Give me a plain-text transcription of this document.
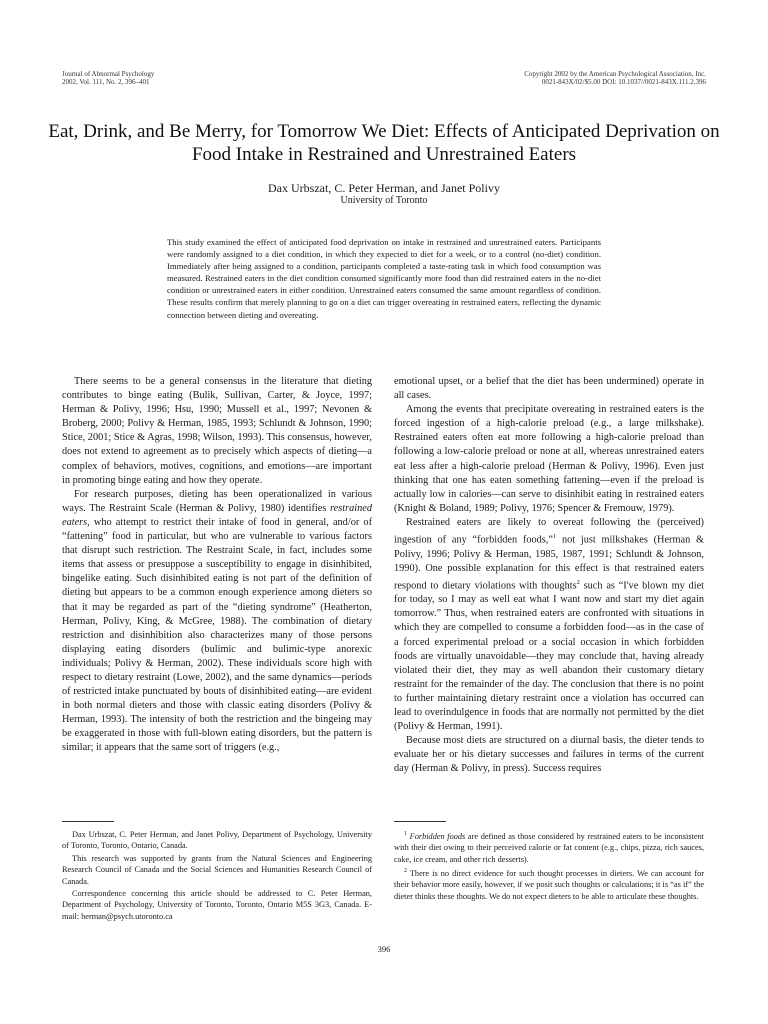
Journal of Abnormal Psychology
2002, Vol. 111, No. 2, 396–401
Copyright 2002 by the American Psychological Association, Inc.
0021-843X/02/$5.00 DOI: 10.1037//0021-843X.111.2.396
Eat, Drink, and Be Merry, for Tomorrow We Diet: Effects of Anticipated Deprivation on Food Intake in Restrained and Unrestrained Eaters
Dax Urbszat, C. Peter Herman, and Janet Polivy
University of Toronto
This study examined the effect of anticipated food deprivation on intake in restrained and unrestrained eaters. Participants were randomly assigned to a diet condition, in which they expected to diet for a week, or to a control (no-diet) condition. Immediately after being assigned to a condition, participants completed a taste-rating task in which food consumption was measured. Restrained eaters in the diet condition consumed significantly more food than did restrained eaters in the no-diet condition or unrestrained eaters in either condition. Unrestrained eaters consumed the same amount regardless of condition. These results confirm that merely planning to go on a diet can trigger overeating in restrained eaters, reflecting the dynamic connection between dieting and overeating.

There seems to be a general consensus in the literature that dieting contributes to binge eating (Bulik, Sullivan, Carter, & Joyce, 1997; Herman & Polivy, 1996; Hsu, 1990; Mussell et al., 1997; Nevonen & Broberg, 2000; Polivy & Herman, 1985, 1993; Schlundt & Johnson, 1990; Stice, 2001; Stice & Agras, 1998; Wilson, 1993). This consensus, however, does not extend to agreement as to precisely which aspects of dieting—a complex of behaviors, motives, cognitions, and emotions—are important in promoting binge eating and how they operate.

For research purposes, dieting has been operationalized in various ways. The Restraint Scale (Herman & Polivy, 1980) identifies restrained eaters, who attempt to restrict their intake of food in general, and/or of “fattening” food in particular, but who are vulnerable to various factors that disrupt such restriction. The Restraint Scale, in fact, includes some items that assess or presuppose a susceptibility to engage in disinhibited, bingelike eating. Such disinhibited eating is not part of the definition of dieting but appears to be a common enough experience among dieters so that it may be regarded as part of the “dieting syndrome” (Heatherton, Herman, Polivy, King, & McGree, 1988). The combination of dietary restriction and disinhibition also characterizes many of those persons displaying eating disorders (bulimic and bulimic-type anorexic individuals; Polivy & Herman, 2002). These individuals score high with respect to dietary restraint (Lowe, 2002), and the same dynamics—periods of restricted intake punctuated by bouts of disinhibited eating—are evident in both normal dieters and those with classic eating disorders (Polivy & Herman, 1993). The intensity of both the restriction and the bingeing may be exaggerated in those with full-blown eating disorders, but the pattern is similar; it appears that the same sort of triggers (e.g.,

emotional upset, or a belief that the diet has been undermined) operate in all cases.

Among the events that precipitate overeating in restrained eaters is the forced ingestion of a high-calorie preload (e.g., a large milkshake). Restrained eaters often eat more following a high-calorie preload than following a low-calorie preload or none at all, whereas unrestrained eaters eat less after a high-calorie preload (Herman & Polivy, 1996). Even just thinking that one has eaten something fattening—even if the preload is actually low in calories—can serve to disinhibit eating in restrained eaters (Knight & Boland, 1989; Polivy, 1976; Spencer & Fremouw, 1979).

Restrained eaters are likely to overeat following the (perceived) ingestion of any “forbidden foods,”$^1$ not just milkshakes (Herman & Polivy, 1996; Polivy & Herman, 1985, 1987, 1991; Schlundt & Johnson, 1990). One possible explanation for this effect is that restrained eaters respond to dietary violations with thoughts$^2$ such as “I've blown my diet for today, so I may as well eat what I want now and start my diet again tomorrow.” Thus, when restrained eaters are confronted with situations in which they are compelled to consume a forbidden food—as in the case of a forced experimental preload or a social occasion in which forbidden foods are virtually unavoidable—they may conclude that, having already violated their diet, they may as well abandon their customary dietary restraint for the remainder of the day. The conclusion that there is no point to further maintaining dietary restraint once a violation has occurred can lead to overindulgence in foods that are normally not permitted by the diet (Polivy & Herman, 1991).

Because most diets are structured on a diurnal basis, the dieter tends to evaluate her or his dietary successes and failures in terms of the current day (Herman & Polivy, in press). Success requires

Dax Urbszat, C. Peter Herman, and Janet Polivy, Department of Psychology, University of Toronto, Toronto, Ontario, Canada.

This research was supported by grants from the Natural Sciences and Engineering Research Council of Canada and the Social Sciences and Humanities Research Council of Canada.

Correspondence concerning this article should be addressed to C. Peter Herman, Department of Psychology, University of Toronto, Toronto, Ontario M5S 3G3, Canada. E-mail: herman@psych.utoronto.ca

$^1$ Forbidden foods are defined as those considered by restrained eaters to be inconsistent with their diet owing to their perceived calorie or fat content (e.g., chips, pizza, rich sauces, cake, ice cream, and other rich desserts).

$^2$ There is no direct evidence for such thought processes in dieters. We can account for their behavior more easily, however, if we posit such thoughts or calculations; it is “as if” the dieter thinks these thoughts. We do not expect dieters to be able to articulate these thoughts.

396
